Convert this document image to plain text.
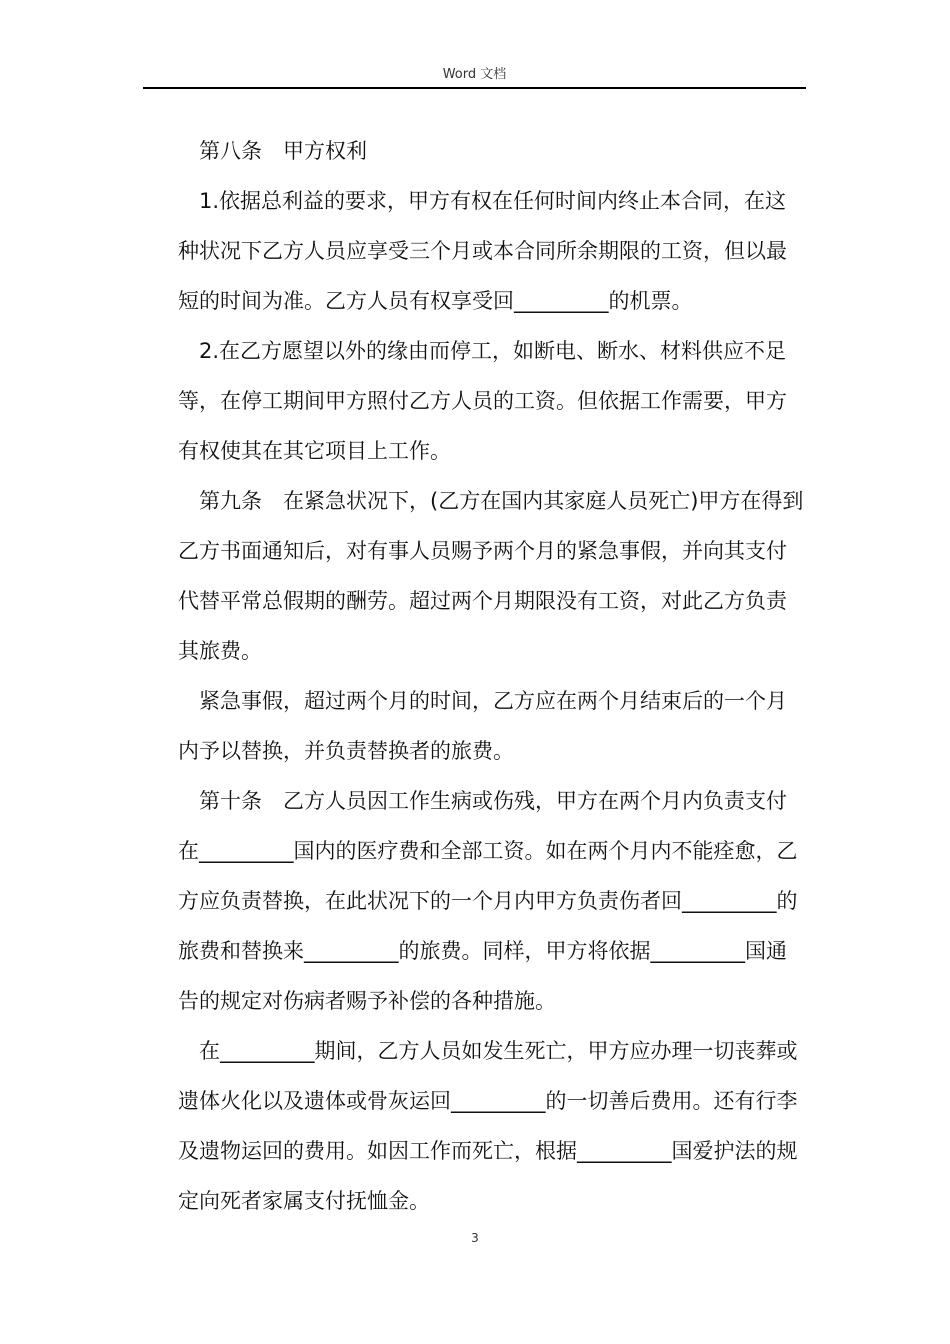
Word 文档

第八条　甲方权利

1.依据总利益的要求，甲方有权在任何时间内终止本合同，在这种状况下乙方人员应享受三个月或本合同所余期限的工资，但以最短的时间为准。乙方人员有权享受回_________的机票。

2.在乙方愿望以外的缘由而停工，如断电、断水、材料供应不足等，在停工期间甲方照付乙方人员的工资。但依据工作需要，甲方有权使其在其它项目上工作。

第九条　在紧急状况下，(乙方在国内其家庭人员死亡)甲方在得到乙方书面通知后，对有事人员赐予两个月的紧急事假，并向其支付代替平常总假期的酬劳。超过两个月期限没有工资，对此乙方负责其旅费。

紧急事假，超过两个月的时间，乙方应在两个月结束后的一个月内予以替换，并负责替换者的旅费。

第十条　乙方人员因工作生病或伤残，甲方在两个月内负责支付在_________国内的医疗费和全部工资。如在两个月内不能痊愈，乙方应负责替换，在此状况下的一个月内甲方负责伤者回_________的旅费和替换来_________的旅费。同样，甲方将依据_________国通告的规定对伤病者赐予补偿的各种措施。

在_________期间，乙方人员如发生死亡，甲方应办理一切丧葬或遗体火化以及遗体或骨灰运回_________的一切善后费用。还有行李及遗物运回的费用。如因工作而死亡，根据_________国爱护法的规定向死者家属支付抚恤金。

3
